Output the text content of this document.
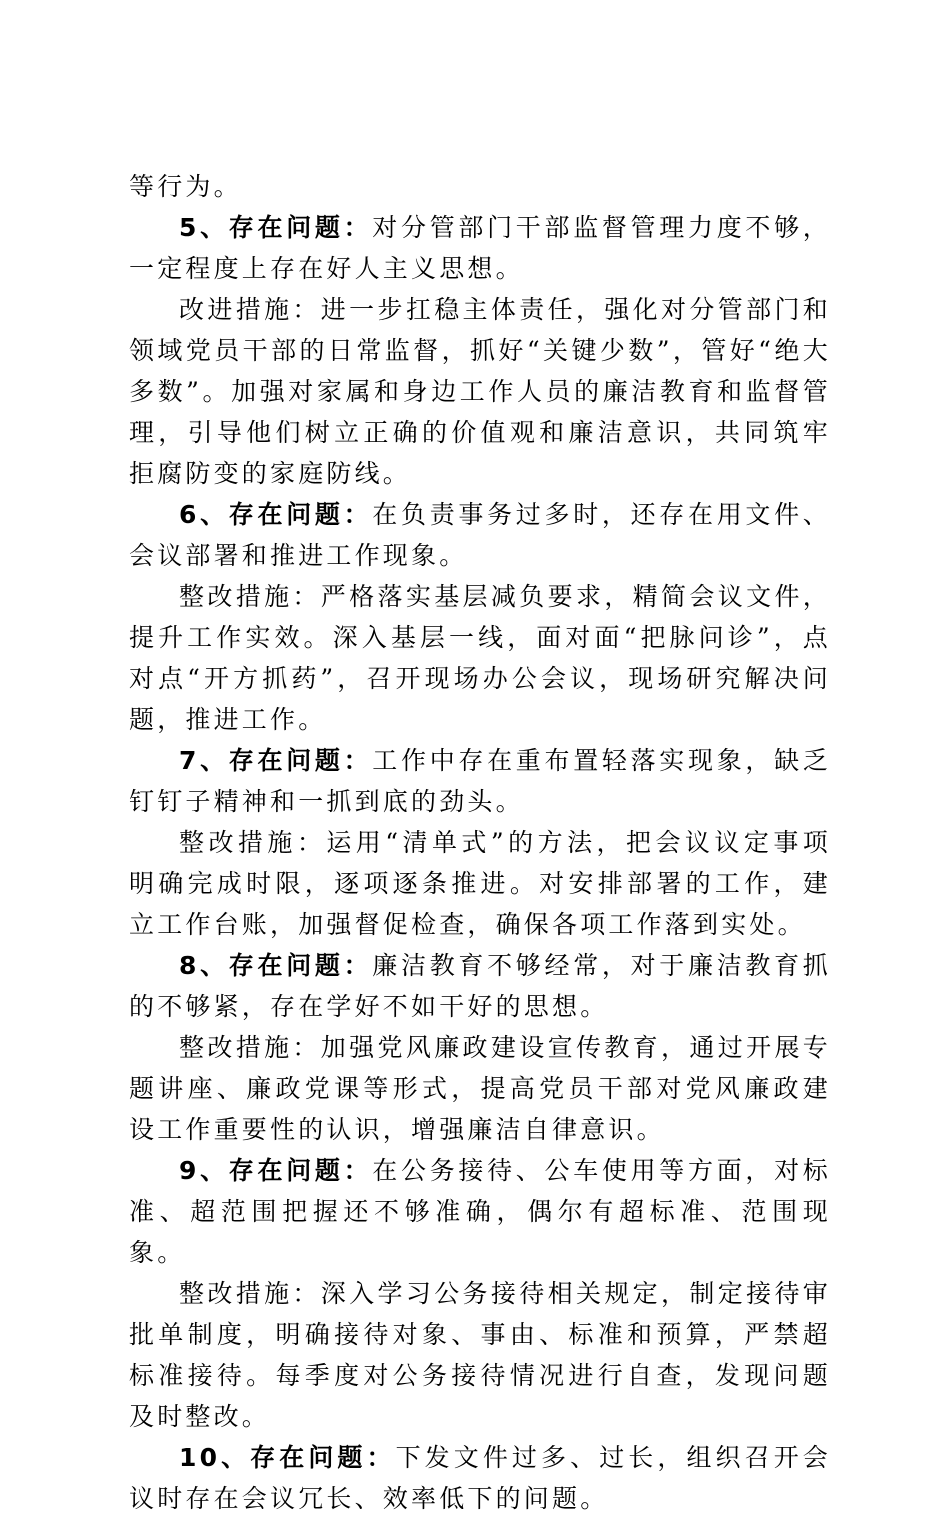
等行为。

5、存在问题：对分管部门干部监督管理力度不够，一定程度上存在好人主义思想。

改进措施：进一步扛稳主体责任，强化对分管部门和领域党员干部的日常监督，抓好“关键少数”，管好“绝大多数”。加强对家属和身边工作人员的廉洁教育和监督管理，引导他们树立正确的价值观和廉洁意识，共同筑牢拒腐防变的家庭防线。

6、存在问题：在负责事务过多时，还存在用文件、会议部署和推进工作现象。

整改措施：严格落实基层减负要求，精简会议文件，提升工作实效。深入基层一线，面对面“把脉问诊”，点对点“开方抓药”，召开现场办公会议，现场研究解决问题，推进工作。

7、存在问题：工作中存在重布置轻落实现象，缺乏钉钉子精神和一抓到底的劲头。

整改措施：运用“清单式”的方法，把会议议定事项明确完成时限，逐项逐条推进。对安排部署的工作，建立工作台账，加强督促检查，确保各项工作落到实处。

8、存在问题：廉洁教育不够经常，对于廉洁教育抓的不够紧，存在学好不如干好的思想。

整改措施：加强党风廉政建设宣传教育，通过开展专题讲座、廉政党课等形式，提高党员干部对党风廉政建设工作重要性的认识，增强廉洁自律意识。

9、存在问题：在公务接待、公车使用等方面，对标准、超范围把握还不够准确，偶尔有超标准、范围现象。

整改措施：深入学习公务接待相关规定，制定接待审批单制度，明确接待对象、事由、标准和预算，严禁超标准接待。每季度对公务接待情况进行自查，发现问题及时整改。

10、存在问题：下发文件过多、过长，组织召开会议时存在会议冗长、效率低下的问题。
